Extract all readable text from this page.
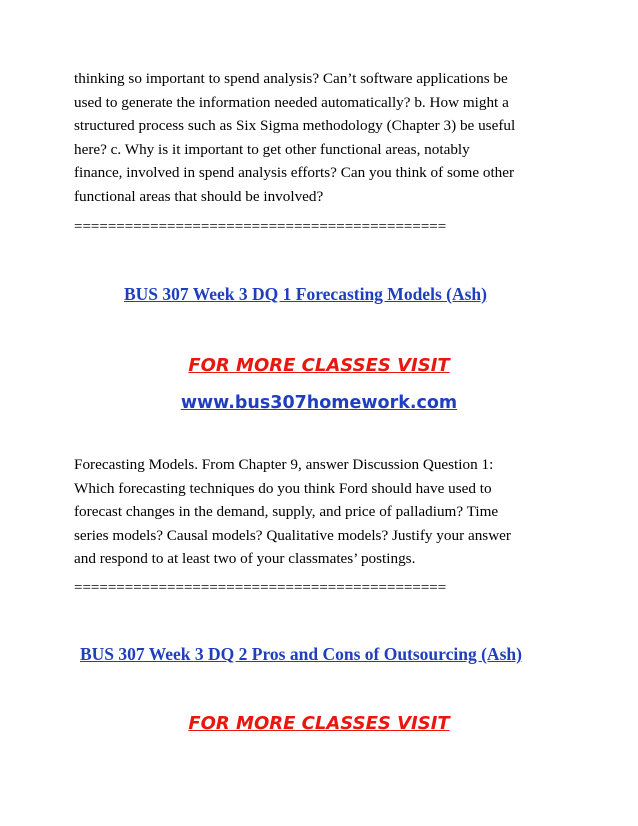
thinking so important to spend analysis? Can’t software applications be
used to generate the information needed automatically? b. How might a
structured process such as Six Sigma methodology (Chapter 3) be useful
here? c. Why is it important to get other functional areas, notably
finance, involved in spend analysis efforts? Can you think of some other
functional areas that should be involved?
============================================
BUS 307 Week 3 DQ 1 Forecasting Models (Ash)
FOR MORE CLASSES VISIT
www.bus307homework.com
Forecasting Models. From Chapter 9, answer Discussion Question 1:
Which forecasting techniques do you think Ford should have used to
forecast changes in the demand, supply, and price of palladium? Time
series models? Causal models? Qualitative models? Justify your answer
and respond to at least two of your classmates’ postings.
============================================
BUS 307 Week 3 DQ 2 Pros and Cons of Outsourcing (Ash)
FOR MORE CLASSES VISIT
